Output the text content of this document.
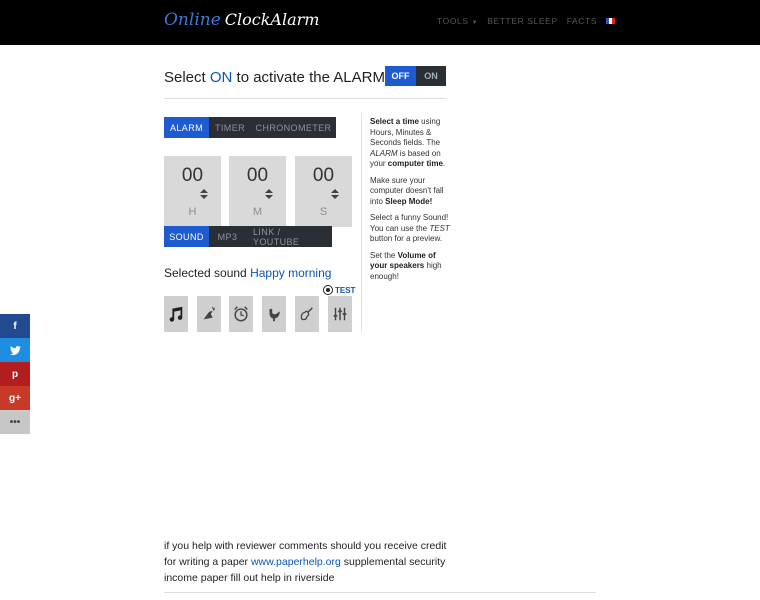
Online ClockAlarm	TOOLS ▼ BETTER SLEEP FACTS
Select ON to activate the ALARM OFF	ON
ALARM	TIMER	CHRONOMETER
00
H
00
M
00
S
SOUND	MP3	LINK / YOUTUBE
Selected sound Happy morning
TEST

Select a time using Hours, Minutes & Seconds fields. The ALARM is based on your computer time.

Make sure your computer doesn't fall into Sleep Mode!

Select a funny Sound! You can use the TEST button for a preview.

Set the Volume of your speakers high enough!

f
p
g+
•••
if you help with reviewer comments should you receive credit for writing a paper www.paperhelp.org supplemental security income paper fill out help in riverside
